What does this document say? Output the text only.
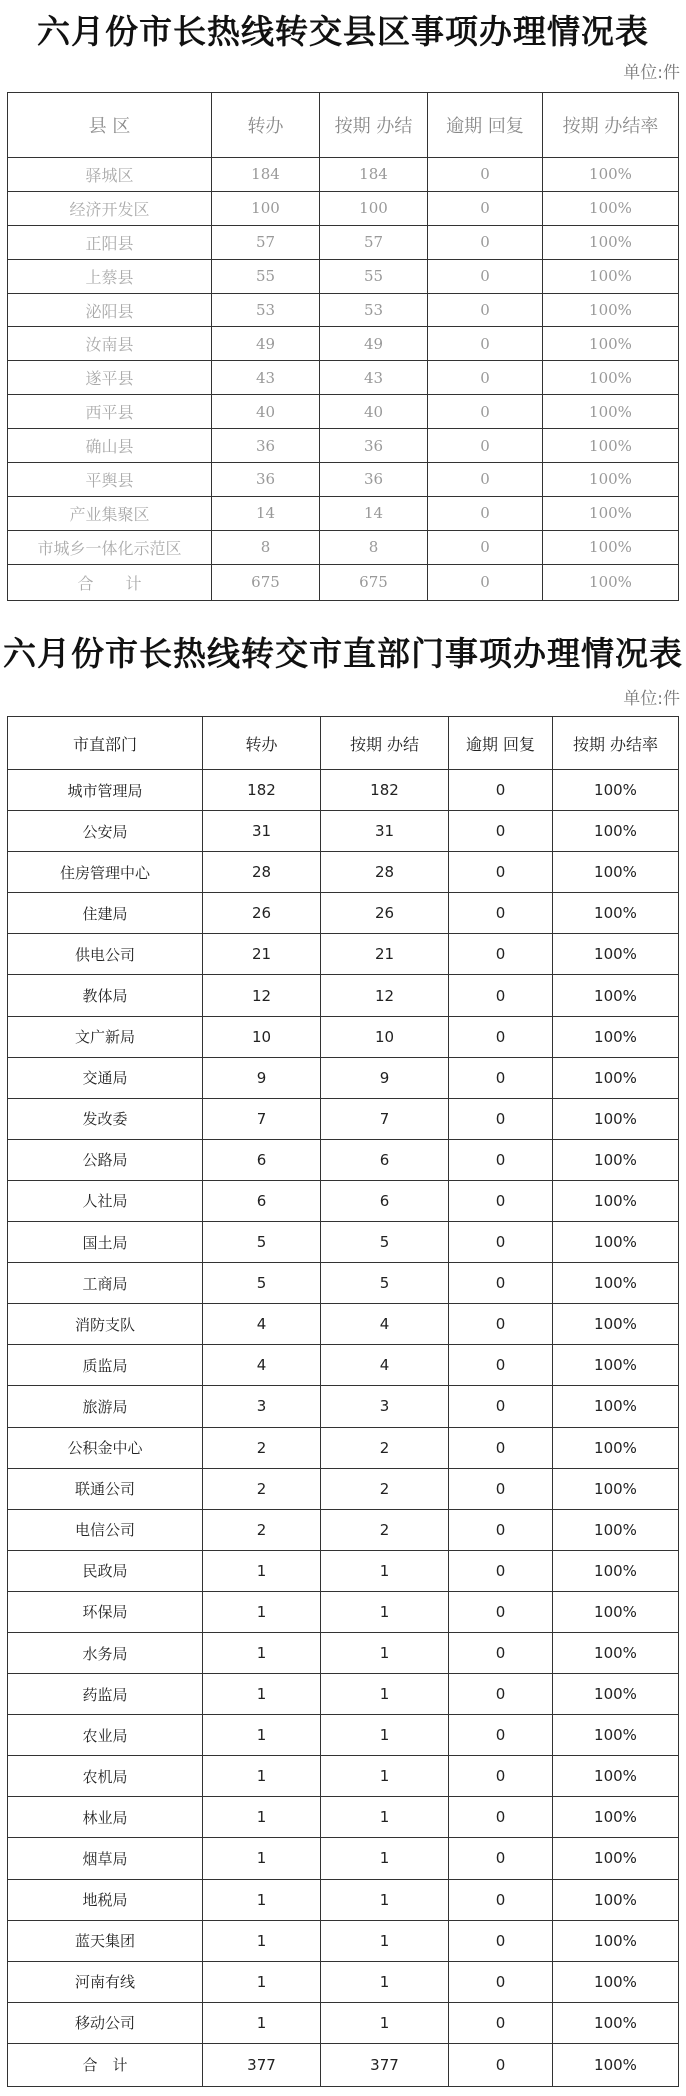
六月份市长热线转交县区事项办理情况表
单位:件
县 区	转办	按期 办结	逾期 回复	按期 办结率
驿城区	184	184	0	100%
经济开发区	100	100	0	100%
正阳县	57	57	0	100%
上蔡县	55	55	0	100%
泌阳县	53	53	0	100%
汝南县	49	49	0	100%
遂平县	43	43	0	100%
西平县	40	40	0	100%
确山县	36	36	0	100%
平舆县	36	36	0	100%
产业集聚区	14	14	0	100%
市城乡一体化示范区	8	8	0	100%
合　　计	675	675	0	100%
六月份市长热线转交市直部门事项办理情况表
单位:件
市直部门	转办	按期 办结	逾期 回复	按期 办结率
城市管理局	182	182	0	100%
公安局	31	31	0	100%
住房管理中心	28	28	0	100%
住建局	26	26	0	100%
供电公司	21	21	0	100%
教体局	12	12	0	100%
文广新局	10	10	0	100%
交通局	9	9	0	100%
发改委	7	7	0	100%
公路局	6	6	0	100%
人社局	6	6	0	100%
国土局	5	5	0	100%
工商局	5	5	0	100%
消防支队	4	4	0	100%
质监局	4	4	0	100%
旅游局	3	3	0	100%
公积金中心	2	2	0	100%
联通公司	2	2	0	100%
电信公司	2	2	0	100%
民政局	1	1	0	100%
环保局	1	1	0	100%
水务局	1	1	0	100%
药监局	1	1	0	100%
农业局	1	1	0	100%
农机局	1	1	0	100%
林业局	1	1	0	100%
烟草局	1	1	0	100%
地税局	1	1	0	100%
蓝天集团	1	1	0	100%
河南有线	1	1	0	100%
移动公司	1	1	0	100%
合　计	377	377	0	100%
